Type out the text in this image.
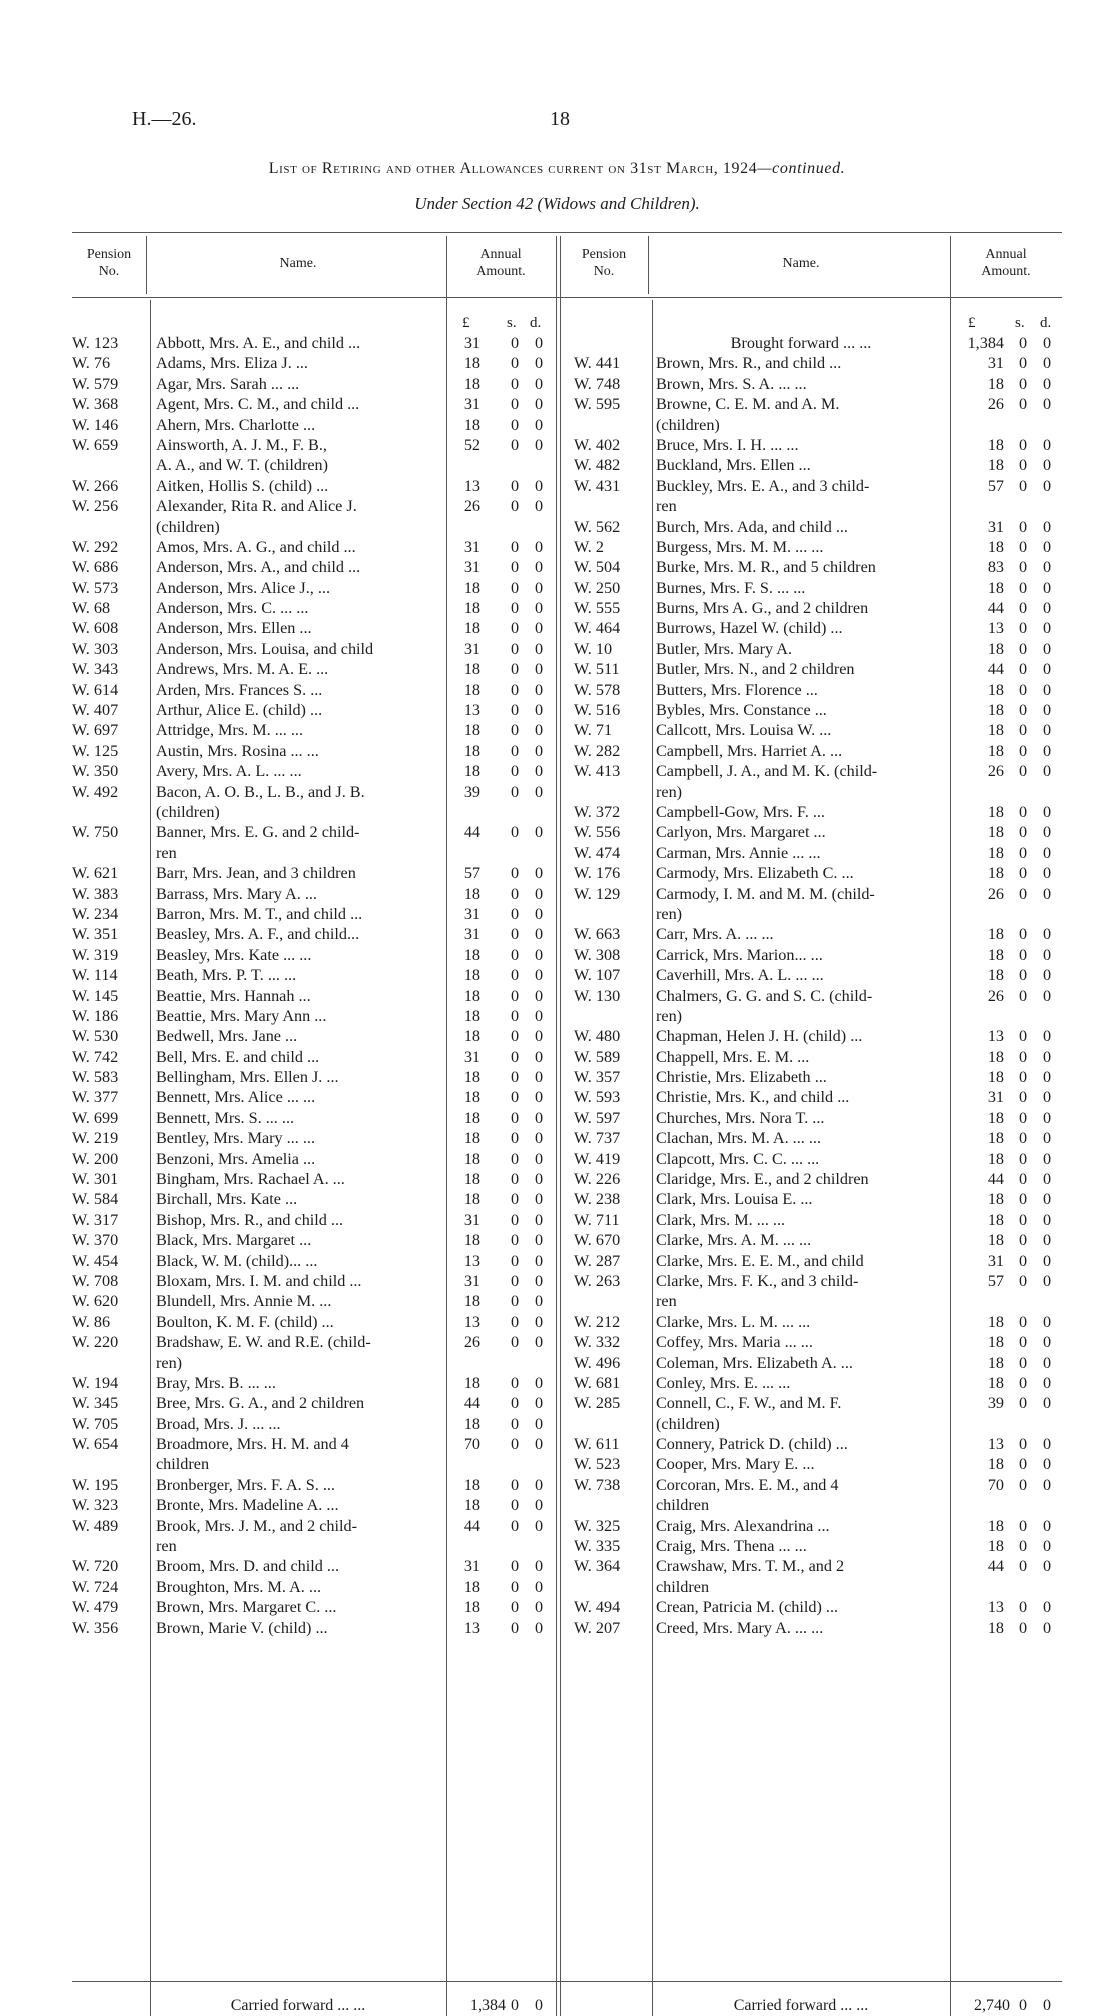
H.—26.	18
List of Retiring and other Allowances current on 31st March, 1924—continued.
Under Section 42 (Widows and Children).
Pension
No.
Name.
Annual
Amount.
Pension
No.
Name.
Annual
Amount.
£	s. d.	£	s. d.
W. 123	Abbott, Mrs. A. E., and child ...	31	0 0
W. 76	Adams, Mrs. Eliza J. ...	18	0 0
W. 579	Agar, Mrs. Sarah ... ...	18	0 0
W. 368	Agent, Mrs. C. M., and child ...	31	0 0
W. 146	Ahern, Mrs. Charlotte ...	18	0 0
W. 659	Ainsworth, A. J. M., F. B.,	52	0 0
A. A., and W. T. (children)
W. 266	Aitken, Hollis S. (child) ...	13	0 0
W. 256	Alexander, Rita R. and Alice J.	26	0 0
(children)
W. 292	Amos, Mrs. A. G., and child ...	31	0 0
W. 686	Anderson, Mrs. A., and child ...	31	0 0
W. 573	Anderson, Mrs. Alice J., ...	18	0 0
W. 68	Anderson, Mrs. C. ... ...	18	0 0
W. 608	Anderson, Mrs. Ellen ...	18	0 0
W. 303	Anderson, Mrs. Louisa, and child	31	0 0
W. 343	Andrews, Mrs. M. A. E. ...	18	0 0
W. 614	Arden, Mrs. Frances S. ...	18	0 0
W. 407	Arthur, Alice E. (child) ...	13	0 0
W. 697	Attridge, Mrs. M. ... ...	18	0 0
W. 125	Austin, Mrs. Rosina ... ...	18	0 0
W. 350	Avery, Mrs. A. L. ... ...	18	0 0
W. 492	Bacon, A. O. B., L. B., and J. B.	39	0 0
(children)
W. 750	Banner, Mrs. E. G. and 2 child-	44	0 0
ren
W. 621	Barr, Mrs. Jean, and 3 children	57	0 0
W. 383	Barrass, Mrs. Mary A. ...	18	0 0
W. 234	Barron, Mrs. M. T., and child ...	31	0 0
W. 351	Beasley, Mrs. A. F., and child...	31	0 0
W. 319	Beasley, Mrs. Kate ... ...	18	0 0
W. 114	Beath, Mrs. P. T. ... ...	18	0 0
W. 145	Beattie, Mrs. Hannah ...	18	0 0
W. 186	Beattie, Mrs. Mary Ann ...	18	0 0
W. 530	Bedwell, Mrs. Jane ...	18	0 0
W. 742	Bell, Mrs. E. and child ...	31	0 0
W. 583	Bellingham, Mrs. Ellen J. ...	18	0 0
W. 377	Bennett, Mrs. Alice ... ...	18	0 0
W. 699	Bennett, Mrs. S. ... ...	18	0 0
W. 219	Bentley, Mrs. Mary ... ...	18	0 0
W. 200	Benzoni, Mrs. Amelia ...	18	0 0
W. 301	Bingham, Mrs. Rachael A. ...	18	0 0
W. 584	Birchall, Mrs. Kate ...	18	0 0
W. 317	Bishop, Mrs. R., and child ...	31	0 0
W. 370	Black, Mrs. Margaret ...	18	0 0
W. 454	Black, W. M. (child)... ...	13	0 0
W. 708	Bloxam, Mrs. I. M. and child ...	31	0 0
W. 620	Blundell, Mrs. Annie M. ...	18	0 0
W. 86	Boulton, K. M. F. (child) ...	13	0 0
W. 220	Bradshaw, E. W. and R.E. (child-	26	0 0
ren)
W. 194	Bray, Mrs. B. ... ...	18	0 0
W. 345	Bree, Mrs. G. A., and 2 children	44	0 0
W. 705	Broad, Mrs. J. ... ...	18	0 0
W. 654	Broadmore, Mrs. H. M. and 4	70	0 0
children
W. 195	Bronberger, Mrs. F. A. S. ...	18	0 0
W. 323	Bronte, Mrs. Madeline A. ...	18	0 0
W. 489	Brook, Mrs. J. M., and 2 child-	44	0 0
ren
W. 720	Broom, Mrs. D. and child ...	31	0 0
W. 724	Broughton, Mrs. M. A. ...	18	0 0
W. 479	Brown, Mrs. Margaret C. ...	18	0 0
W. 356	Brown, Marie V. (child) ...	13	0 0
Brought forward ... ...	1,384 0 0
W. 441	Brown, Mrs. R., and child ...	31 0 0
W. 748	Brown, Mrs. S. A. ... ...	18 0 0
W. 595	Browne, C. E. M. and A. M.	26 0 0
(children)
W. 402	Bruce, Mrs. I. H. ... ...	18 0 0
W. 482	Buckland, Mrs. Ellen ...	18 0 0
W. 431	Buckley, Mrs. E. A., and 3 child-	57 0 0
ren
W. 562	Burch, Mrs. Ada, and child ...	31 0 0
W. 2	Burgess, Mrs. M. M. ... ...	18 0 0
W. 504	Burke, Mrs. M. R., and 5 children	83 0 0
W. 250	Burnes, Mrs. F. S. ... ...	18 0 0
W. 555	Burns, Mrs A. G., and 2 children	44 0 0
W. 464	Burrows, Hazel W. (child) ...	13 0 0
W. 10	Butler, Mrs. Mary A.	18 0 0
W. 511	Butler, Mrs. N., and 2 children	44 0 0
W. 578	Butters, Mrs. Florence ...	18 0 0
W. 516	Bybles, Mrs. Constance ...	18 0 0
W. 71	Callcott, Mrs. Louisa W. ...	18 0 0
W. 282	Campbell, Mrs. Harriet A. ...	18 0 0
W. 413	Campbell, J. A., and M. K. (child-	26 0 0
ren)
W. 372	Campbell-Gow, Mrs. F. ...	18 0 0
W. 556	Carlyon, Mrs. Margaret ...	18 0 0
W. 474	Carman, Mrs. Annie ... ...	18 0 0
W. 176	Carmody, Mrs. Elizabeth C. ...	18 0 0
W. 129	Carmody, I. M. and M. M. (child-	26 0 0
ren)
W. 663	Carr, Mrs. A. ... ...	18 0 0
W. 308	Carrick, Mrs. Marion... ...	18 0 0
W. 107	Caverhill, Mrs. A. L. ... ...	18 0 0
W. 130	Chalmers, G. G. and S. C. (child-	26 0 0
ren)
W. 480	Chapman, Helen J. H. (child) ...	13 0 0
W. 589	Chappell, Mrs. E. M. ...	18 0 0
W. 357	Christie, Mrs. Elizabeth ...	18 0 0
W. 593	Christie, Mrs. K., and child ...	31 0 0
W. 597	Churches, Mrs. Nora T. ...	18 0 0
W. 737	Clachan, Mrs. M. A. ... ...	18 0 0
W. 419	Clapcott, Mrs. C. C. ... ...	18 0 0
W. 226	Claridge, Mrs. E., and 2 children	44 0 0
W. 238	Clark, Mrs. Louisa E. ...	18 0 0
W. 711	Clark, Mrs. M. ... ...	18 0 0
W. 670	Clarke, Mrs. A. M. ... ...	18 0 0
W. 287	Clarke, Mrs. E. E. M., and child	31 0 0
W. 263	Clarke, Mrs. F. K., and 3 child-	57 0 0
ren
W. 212	Clarke, Mrs. L. M. ... ...	18 0 0
W. 332	Coffey, Mrs. Maria ... ...	18 0 0
W. 496	Coleman, Mrs. Elizabeth A. ...	18 0 0
W. 681	Conley, Mrs. E. ... ...	18 0 0
W. 285	Connell, C., F. W., and M. F.	39 0 0
(children)
W. 611	Connery, Patrick D. (child) ...	13 0 0
W. 523	Cooper, Mrs. Mary E. ...	18 0 0
W. 738	Corcoran, Mrs. E. M., and 4	70 0 0
children
W. 325	Craig, Mrs. Alexandrina ...	18 0 0
W. 335	Craig, Mrs. Thena ... ...	18 0 0
W. 364	Crawshaw, Mrs. T. M., and 2	44 0 0
children
W. 494	Crean, Patricia M. (child) ...	13 0 0
W. 207	Creed, Mrs. Mary A. ... ...	18 0 0
Carried forward ... ...	1,384 0	0	Carried forward ... ...	2,740 0	0
